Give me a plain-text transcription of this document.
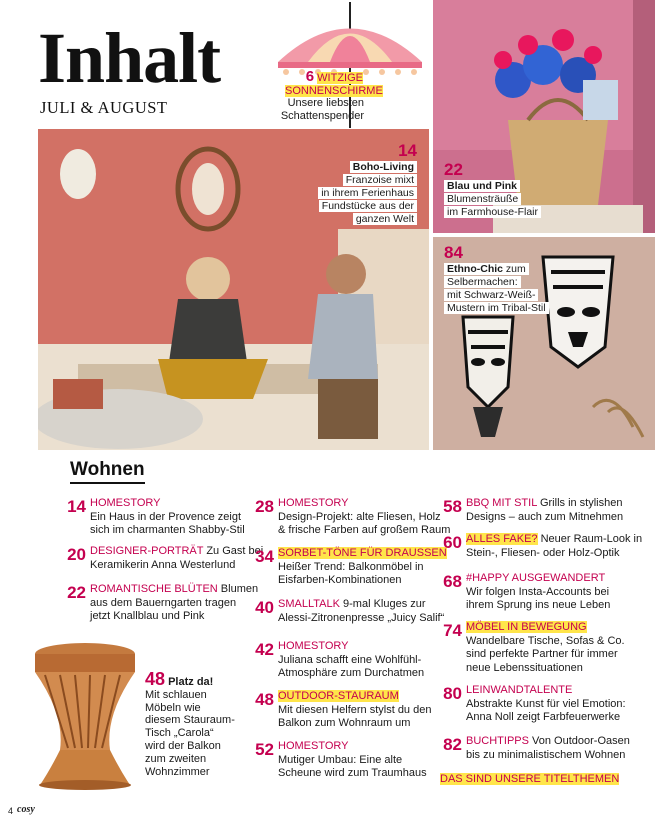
Inhalt
JULI & AUGUST
6 WITZIGE
SONNENSCHIRME
Unsere liebsten
Schattenspender
14
Boho-Living
Franzoise mixt
in ihrem Ferienhaus
Fundstücke aus der
ganzen Welt
22
Blau und Pink
Blumensträuße
im Farmhouse-Flair
84
Ethno-Chic zum
Selbermachen:
mit Schwarz-Weiß-
Mustern im Tribal-Stil
Wohnen
14 HOMESTORY
Ein Haus in der Provence zeigt
sich im charmanten Shabby-Stil
20 DESIGNER-PORTRÄT Zu Gast bei
Keramikerin Anna Westerlund
22 ROMANTISCHE BLÜTEN Blumen
aus dem Bauerngarten tragen
jetzt Knallblau und Pink
48 Platz da!
Mit schlauen
Möbeln wie
diesem Stauraum-
Tisch „Carola“
wird der Balkon
zum zweiten
Wohnzimmer
28 HOMESTORY
Design-Projekt: alte Fliesen, Holz
& frische Farben auf großem Raum
34 SORBET-TÖNE FÜR DRAUSSEN
Heißer Trend: Balkonmöbel in
Eisfarben-Kombinationen
40 SMALLTALK 9-mal Kluges zur
Alessi-Zitronenpresse „Juicy Salif“
42 HOMESTORY
Juliana schafft eine Wohlfühl-
Atmosphäre zum Durchatmen
48 OUTDOOR-STAURAUM
Mit diesen Helfern stylst du den
Balkon zum Wohnraum um
52 HOMESTORY
Mutiger Umbau: Eine alte
Scheune wird zum Traumhaus
58 BBQ MIT STIL Grills in stylishen
Designs – auch zum Mitnehmen
60 ALLES FAKE? Neuer Raum-Look in
Stein-, Fliesen- oder Holz-Optik
68 #HAPPY AUSGEWANDERT
Wir folgen Insta-Accounts bei
ihrem Sprung ins neue Leben
74 MÖBEL IN BEWEGUNG
Wandelbare Tische, Sofas & Co.
sind perfekte Partner für immer
neue Lebenssituationen
80 LEINWANDTALENTE
Abstrakte Kunst für viel Emotion:
Anna Noll zeigt Farbfeuerwerke
82 BUCHTIPPS Von Outdoor-Oasen
bis zu minimalistischem Wohnen
DAS SIND UNSERE TITELTHEMEN
4 cosy
